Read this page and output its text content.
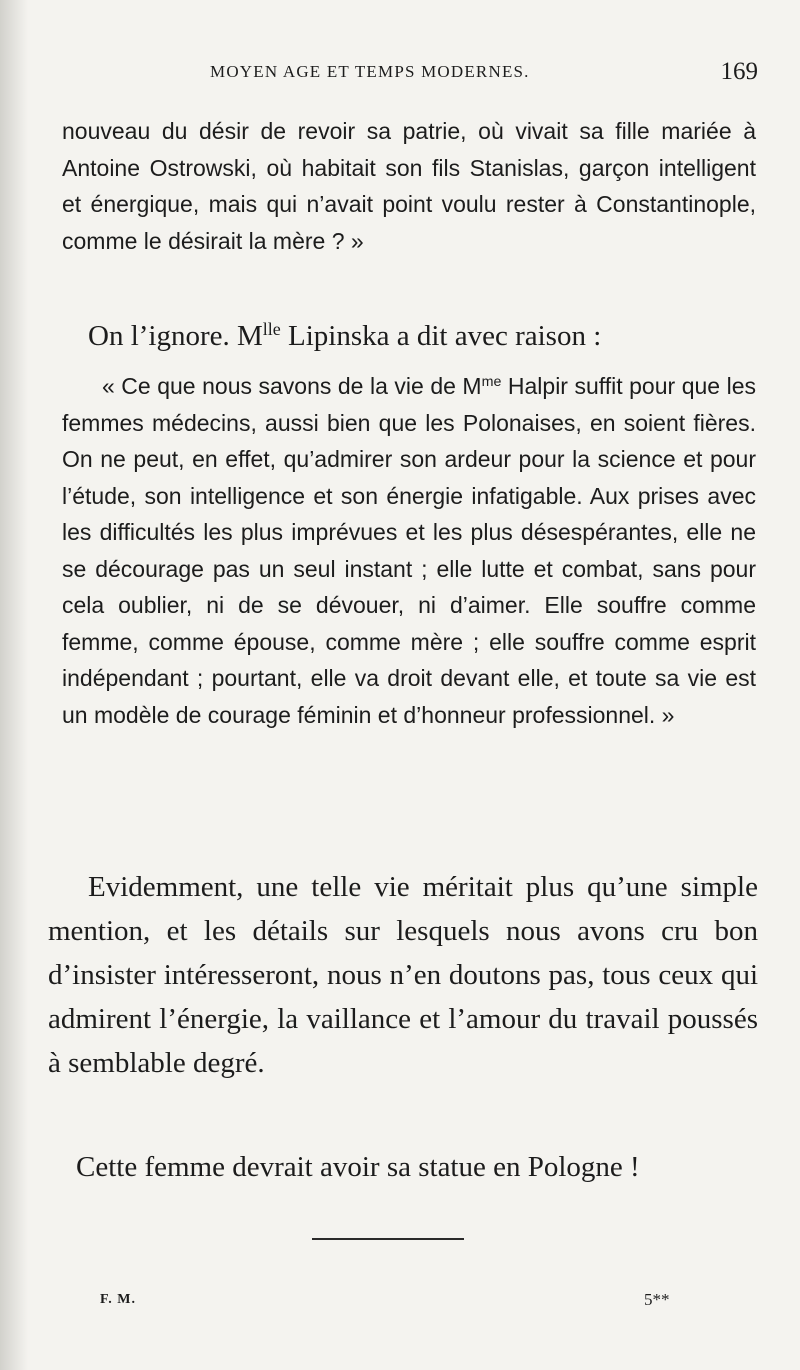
MOYEN AGE ET TEMPS MODERNES.	169

nouveau du désir de revoir sa patrie, où vivait sa fille mariée à Antoine Ostrowski, où habitait son fils Stanislas, garçon intelligent et énergique, mais qui n’avait point voulu rester à Constantinople, comme le désirait la mère ? »

On l’ignore. $M^{lle}$ Lipinska a dit avec raison :

« Ce que nous savons de la vie de $M^{me}$ Halpir suffit pour que les femmes médecins, aussi bien que les Polonaises, en soient fières. On ne peut, en effet, qu’admirer son ardeur pour la science et pour l’étude, son intelligence et son énergie infatigable. Aux prises avec les difficultés les plus imprévues et les plus désespérantes, elle ne se décourage pas un seul instant ; elle lutte et combat, sans pour cela oublier, ni de se dévouer, ni d’aimer. Elle souffre comme femme, comme épouse, comme mère ; elle souffre comme esprit indépendant ; pourtant, elle va droit devant elle, et toute sa vie est un modèle de courage féminin et d’honneur professionnel. »

Evidemment, une telle vie méritait plus qu’une simple mention, et les détails sur lesquels nous avons cru bon d’insister intéresseront, nous n’en doutons pas, tous ceux qui admirent l’énergie, la vaillance et l’amour du travail poussés à semblable degré.

Cette femme devrait avoir sa statue en Pologne !

F. M.	5**
